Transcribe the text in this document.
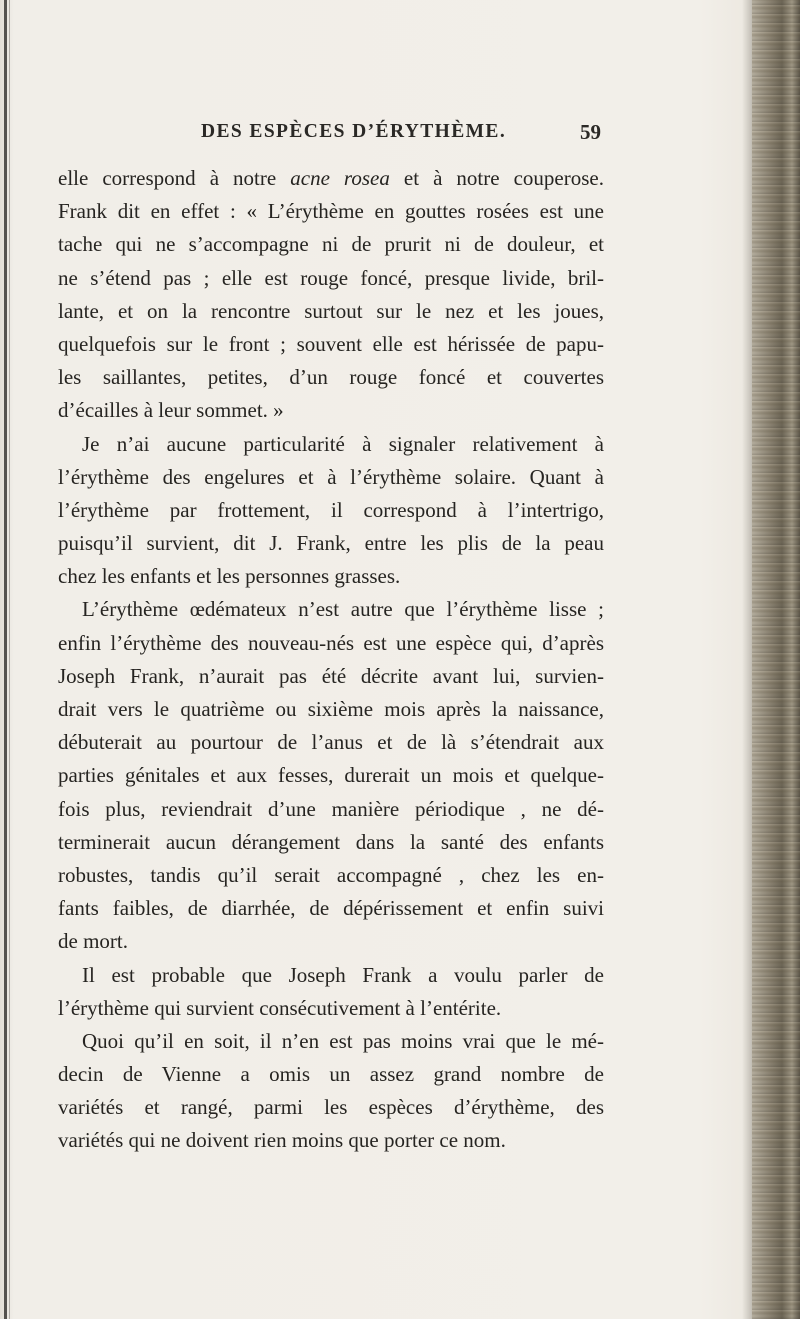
DES ESPÈCES D’ÉRYTHÈME.	59
elle correspond à notre acne rosea et à notre couperose.
Frank dit en effet : « L’érythème en gouttes rosées est une
tache qui ne s’accompagne ni de prurit ni de douleur, et
ne s’étend pas ; elle est rouge foncé, presque livide, bril-
lante, et on la rencontre surtout sur le nez et les joues,
quelquefois sur le front ; souvent elle est hérissée de papu-
les saillantes, petites, d’un rouge foncé et couvertes
d’écailles à leur sommet. »
Je n’ai aucune particularité à signaler relativement à
l’érythème des engelures et à l’érythème solaire. Quant à
l’érythème par frottement, il correspond à l’intertrigo,
puisqu’il survient, dit J. Frank, entre les plis de la peau
chez les enfants et les personnes grasses.
L’érythème œdémateux n’est autre que l’érythème lisse ;
enfin l’érythème des nouveau-nés est une espèce qui, d’après
Joseph Frank, n’aurait pas été décrite avant lui, survien-
drait vers le quatrième ou sixième mois après la naissance,
débuterait au pourtour de l’anus et de là s’étendrait aux
parties génitales et aux fesses, durerait un mois et quelque-
fois plus, reviendrait d’une manière périodique , ne dé-
terminerait aucun dérangement dans la santé des enfants
robustes, tandis qu’il serait accompagné , chez les en-
fants faibles, de diarrhée, de dépérissement et enfin suivi
de mort.
Il est probable que Joseph Frank a voulu parler de
l’érythème qui survient consécutivement à l’entérite.
Quoi qu’il en soit, il n’en est pas moins vrai que le mé-
decin de Vienne a omis un assez grand nombre de
variétés et rangé, parmi les espèces d’érythème, des
variétés qui ne doivent rien moins que porter ce nom.
